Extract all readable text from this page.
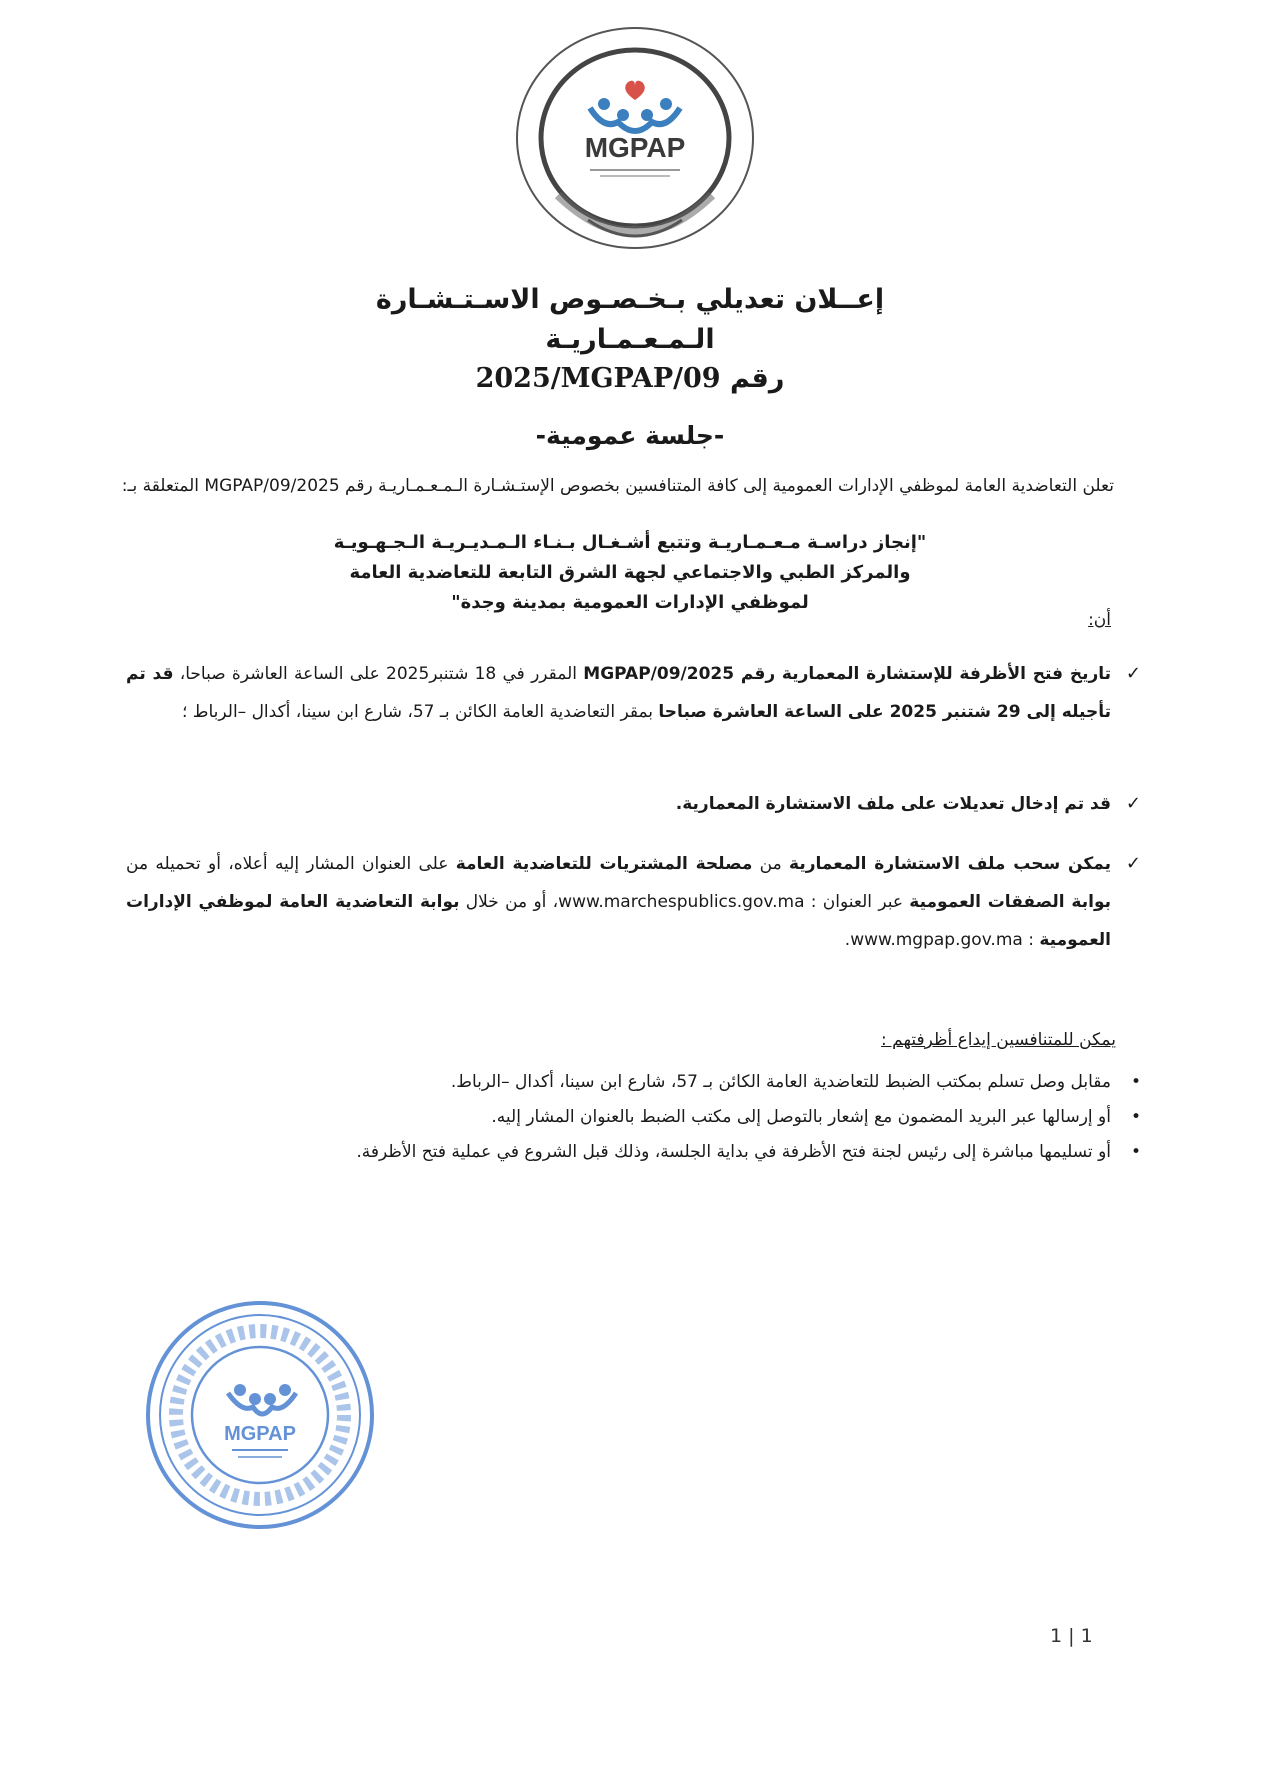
MGPAP
إعــلان تعديلي بـخـصـوص الاسـتـشـارة الـمـعـمـاريـة
رقم 2025/MGPAP/09
-جلسة عمومية-
تعلن التعاضدية العامة لموظفي الإدارات العمومية إلى كافة المتنافسين بخصوص الإستـشـارة الـمـعـمـاريـة رقم 2025/MGPAP/09 المتعلقة بـ:
"إنجاز دراسـة مـعـمـاريـة وتتبع أشـغـال بـنـاء الـمـديـريـة الـجـهـويـة
والمركز الطبي والاجتماعي لجهة الشرق التابعة للتعاضدية العامة
لموظفي الإدارات العمومية بمدينة وجدة"
أن:
✓
تاريخ فتح الأظرفة للإستشارة المعمارية رقم 2025/MGPAP/09 المقرر في 18 شتنبر2025 على الساعة العاشرة صباحا، قد تم تأجيله إلى 29 شتنبر 2025 على الساعة العاشرة صباحا بمقر التعاضدية العامة الكائن بـ 57، شارع ابن سينا، أكدال –الرباط ؛
✓
قد تم إدخال تعديلات على ملف الاستشارة المعمارية.
✓
يمكن سحب ملف الاستشارة المعمارية من مصلحة المشتريات للتعاضدية العامة على العنوان المشار إليه أعلاه، أو تحميله من بوابة الصفقات العمومية عبر العنوان : www.marchespublics.gov.ma، أو من خلال بوابة التعاضدية العامة لموظفي الإدارات العمومية : www.mgpap.gov.ma.
يمكن للمتنافسين إيداع أظرفتهم :
•
مقابل وصل تسلم بمكتب الضبط للتعاضدية العامة الكائن بـ 57، شارع ابن سينا، أكدال –الرباط.
•
أو إرسالها عبر البريد المضمون مع إشعار بالتوصل إلى مكتب الضبط بالعنوان المشار إليه.
•
أو تسليمها مباشرة إلى رئيس لجنة فتح الأظرفة في بداية الجلسة، وذلك قبل الشروع في عملية فتح الأظرفة.
MGPAP
1 | 1
